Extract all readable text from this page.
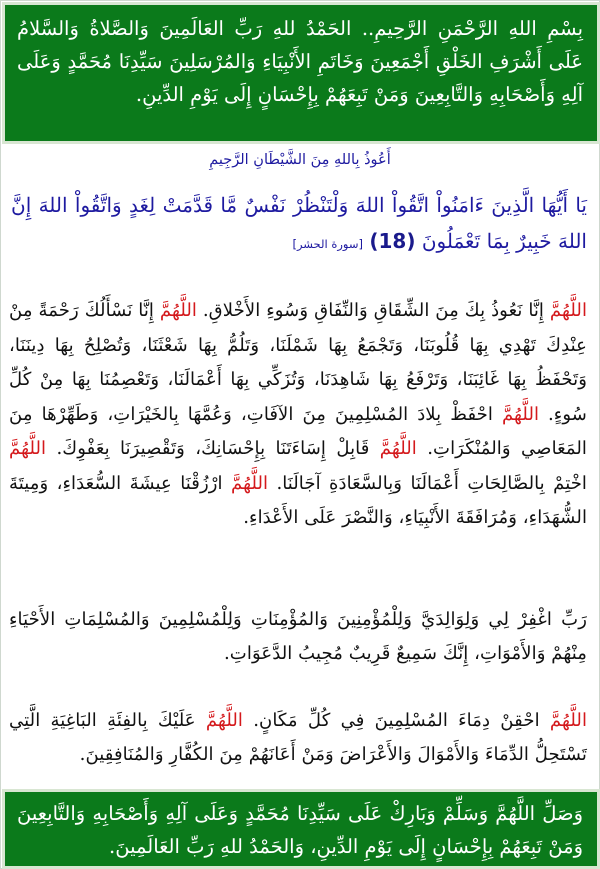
بِسْمِ اللهِ الرَّحْمَنِ الرَّحِيمِ.. الحَمْدُ للهِ رَبِّ العَالَمِينَ وَالصَّلاةُ وَالسَّلامُ عَلَى أَشْرَفِ الخَلْقِ أَجْمَعِينَ وَخَاتَمِ الأَنْبِيَاءِ وَالمُرْسَلِينَ سَيِّدِنَا مُحَمَّدٍ وَعَلَى آلِهِ وَأَصْحَابِهِ وَالتَّابِعِينَ وَمَنْ تَبِعَهُمْ بِإِحْسَانٍ إِلَى يَوْمِ الدِّينِ.
أَعُوذُ بِاللهِ مِنَ الشَّيْطَانِ الرَّجِيمِ
يَا أَيُّهَا الَّذِينَ ءَامَنُواْ اتَّقُواْ اللهَ وَلْتَنْظُرْ نَفْسٌ مَّا قَدَّمَتْ لِغَدٍ وَاتَّقُواْ اللهَ إِنَّ اللهَ خَبِيرٌ بِمَا تَعْمَلُونَ (18) [سورة الحشر]
اللَّهُمَّ إِنَّا نَعُوذُ بِكَ مِنَ الشِّقَاقِ وَالنِّفَاقِ وَسُوءِ الأَخْلاقِ. اللَّهُمَّ إِنَّا نَسْأَلُكَ رَحْمَةً مِنْ عِنْدِكَ تَهْدِي بِهَا قُلُوبَنَا، وَتَجْمَعُ بِهَا شَمْلَنَا، وَتَلُمُّ بِهَا شَعْثَنَا، وَتُصْلِحُ بِهَا دِينَنَا، وَتَحْفَظُ بِهَا غَائِبَنَا، وَتَرْفَعُ بِهَا شَاهِدَنَا، وَتُزَكِّي بِهَا أَعْمَالَنَا، وَتَعْصِمُنَا بِهَا مِنْ كُلِّ سُوءٍ. اللَّهُمَّ احْفَظْ بِلادَ المُسْلِمِينَ مِنَ الآفَاتِ، وَعُمَّهَا بِالخَيْرَاتِ، وَطَهِّرْهَا مِنَ المَعَاصِي وَالمُنْكَرَاتِ. اللَّهُمَّ قَابِلْ إِسَاءَتَنَا بِإِحْسَانِكَ، وَتَقْصِيرَنَا بِعَفْوِكَ. اللَّهُمَّ اخْتِمْ بِالصَّالِحَاتِ أَعْمَالَنَا وَبِالسَّعَادَةِ آجَالَنَا. اللَّهُمَّ ارْزُقْنَا عِيشَةَ السُّعَدَاءِ، وَمِيتَةَ الشُّهَدَاءِ، وَمُرَافَقَةَ الأَنْبِيَاءِ، وَالنَّصْرَ عَلَى الأَعْدَاءِ.
رَبِّ اغْفِرْ لِي وَلِوَالِدَيَّ وَلِلْمُؤْمِنِينَ وَالمُؤْمِنَاتِ وَلِلْمُسْلِمِينَ وَالمُسْلِمَاتِ الأَحْيَاءِ مِنْهُمْ وَالأَمْوَاتِ، إِنَّكَ سَمِيعٌ قَرِيبٌ مُجِيبُ الدَّعَوَاتِ.
اللَّهُمَّ احْقِنْ دِمَاءَ المُسْلِمِينَ فِي كُلِّ مَكَانٍ. اللَّهُمَّ عَلَيْكَ بِالفِئَةِ البَاغِيَةِ الَّتِي تَسْتَحِلُّ الدِّمَاءَ وَالأَمْوَالَ وَالأَعْرَاضَ وَمَنْ أَعَانَهُمْ مِنَ الكُفَّارِ وَالمُنَافِقِينَ.
وَصَلِّ اللَّهُمَّ وَسَلِّمْ وَبَارِكْ عَلَى سَيِّدِنَا مُحَمَّدٍ وَعَلَى آلِهِ وَأَصْحَابِهِ وَالتَّابِعِينَ وَمَنْ تَبِعَهُمْ بِإِحْسَانٍ إِلَى يَوْمِ الدِّينِ، وَالحَمْدُ للهِ رَبِّ العَالَمِينَ.
